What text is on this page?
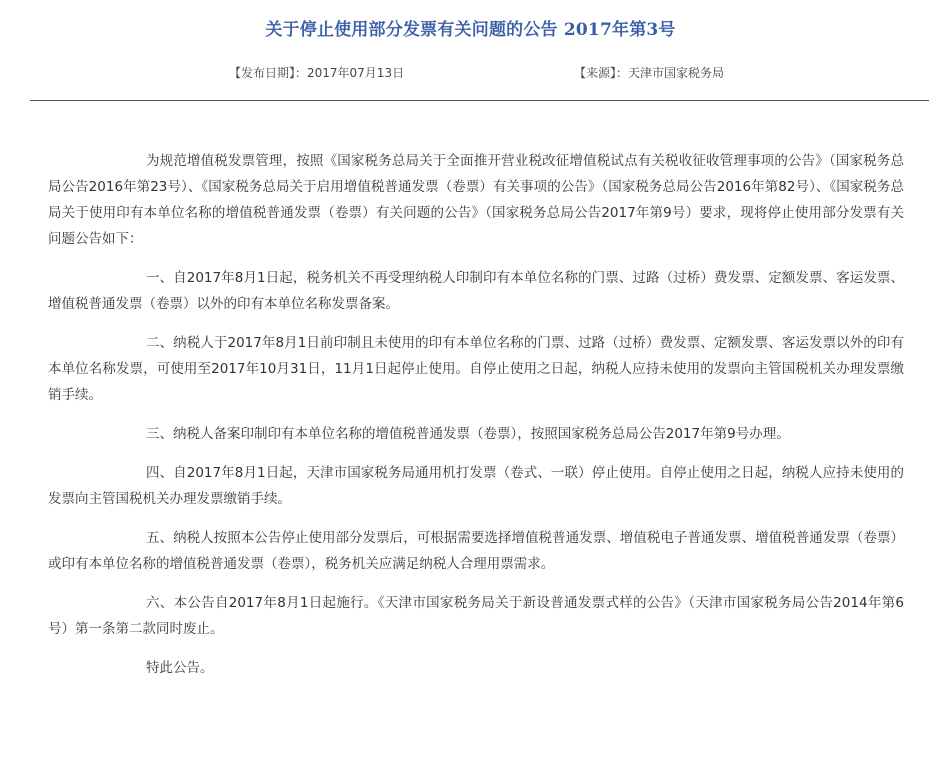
关于停止使用部分发票有关问题的公告 2017年第3号
【发布日期】：2017年07月13日	【来源】：天津市国家税务局

为规范增值税发票管理，按照《国家税务总局关于全面推开营业税改征增值税试点有关税收征收管理事项的公告》（国家税务总局公告2016年第23号）、《国家税务总局关于启用增值税普通发票（卷票）有关事项的公告》（国家税务总局公告2016年第82号）、《国家税务总局关于使用印有本单位名称的增值税普通发票（卷票）有关问题的公告》（国家税务总局公告2017年第9号）要求，现将停止使用部分发票有关问题公告如下：

一、自2017年8月1日起，税务机关不再受理纳税人印制印有本单位名称的门票、过路（过桥）费发票、定额发票、客运发票、增值税普通发票（卷票）以外的印有本单位名称发票备案。

二、纳税人于2017年8月1日前印制且未使用的印有本单位名称的门票、过路（过桥）费发票、定额发票、客运发票以外的印有本单位名称发票，可使用至2017年10月31日，11月1日起停止使用。自停止使用之日起，纳税人应持未使用的发票向主管国税机关办理发票缴销手续。

三、纳税人备案印制印有本单位名称的增值税普通发票（卷票），按照国家税务总局公告2017年第9号办理。

四、自2017年8月1日起，天津市国家税务局通用机打发票（卷式、一联）停止使用。自停止使用之日起，纳税人应持未使用的发票向主管国税机关办理发票缴销手续。

五、纳税人按照本公告停止使用部分发票后，可根据需要选择增值税普通发票、增值税电子普通发票、增值税普通发票（卷票）或印有本单位名称的增值税普通发票（卷票），税务机关应满足纳税人合理用票需求。

六、本公告自2017年8月1日起施行。《天津市国家税务局关于新设普通发票式样的公告》（天津市国家税务局公告2014年第6号）第一条第二款同时废止。

特此公告。
